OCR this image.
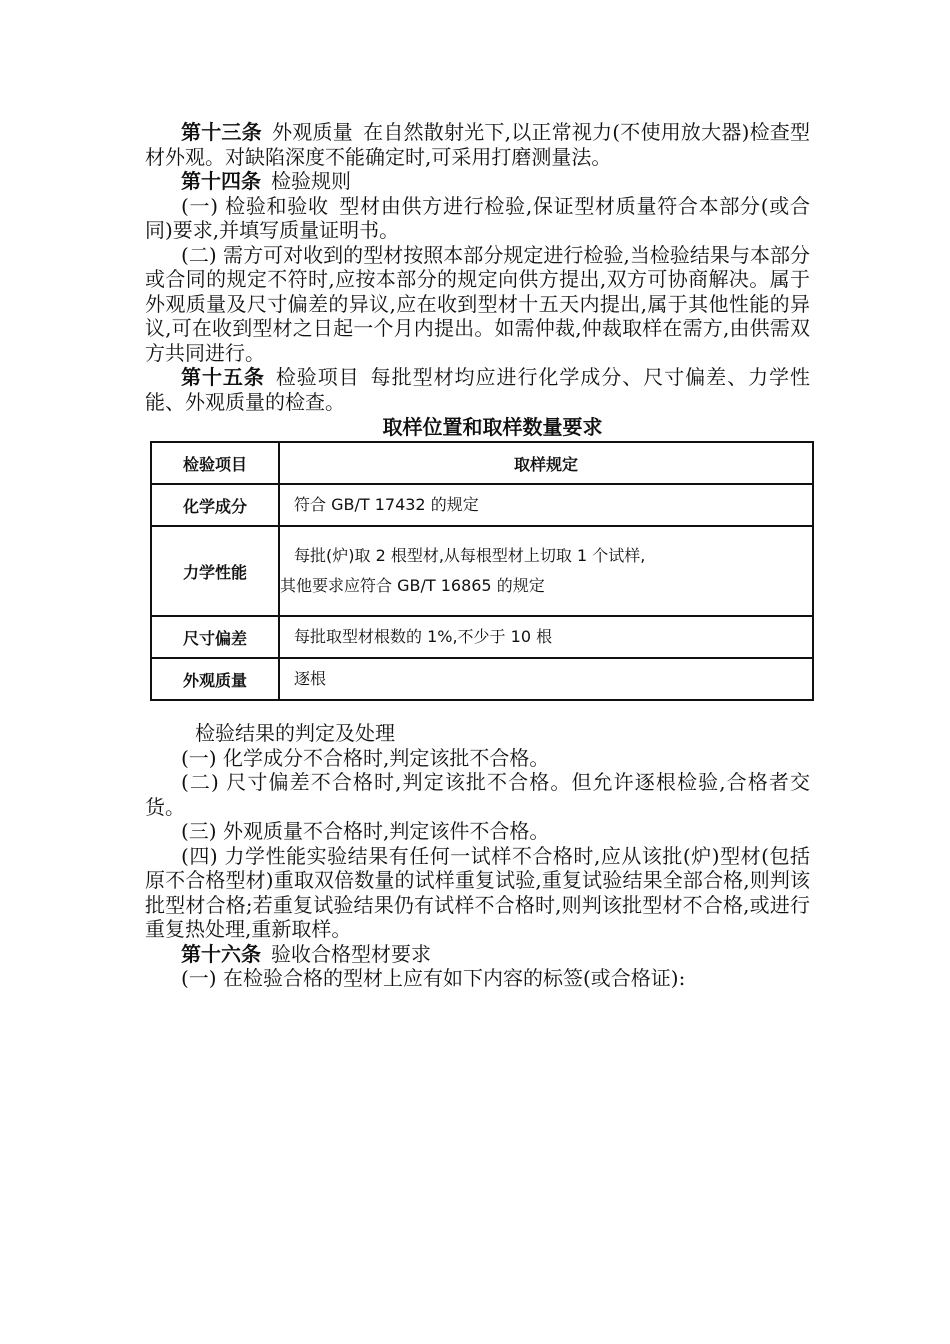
第十三条 外观质量 在自然散射光下,以正常视力(不使用放大器)检查型材外观。对缺陷深度不能确定时,可采用打磨测量法。

第十四条 检验规则

(一) 检验和验收 型材由供方进行检验,保证型材质量符合本部分(或合同)要求,并填写质量证明书。

(二) 需方可对收到的型材按照本部分规定进行检验,当检验结果与本部分或合同的规定不符时,应按本部分的规定向供方提出,双方可协商解决。属于外观质量及尺寸偏差的异议,应在收到型材十五天内提出,属于其他性能的异议,可在收到型材之日起一个月内提出。如需仲裁,仲裁取样在需方,由供需双方共同进行。

第十五条 检验项目 每批型材均应进行化学成分、尺寸偏差、力学性能、外观质量的检查。

取样位置和取样数量要求
检验项目	取样规定
化学成分	符合 GB/T 17432 的规定

力学性能	每批(炉)取 2 根型材,从每根型材上切取 1 个试样,
其他要求应符合 GB/T 16865 的规定

尺寸偏差	每批取型材根数的 1%,不少于 10 根

外观质量	逐根

检验结果的判定及处理

(一) 化学成分不合格时,判定该批不合格。

(二) 尺寸偏差不合格时,判定该批不合格。但允许逐根检验,合格者交货。

(三) 外观质量不合格时,判定该件不合格。

(四) 力学性能实验结果有任何一试样不合格时,应从该批(炉)型材(包括原不合格型材)重取双倍数量的试样重复试验,重复试验结果全部合格,则判该批型材合格;若重复试验结果仍有试样不合格时,则判该批型材不合格,或进行重复热处理,重新取样。

第十六条 验收合格型材要求

(一) 在检验合格的型材上应有如下内容的标签(或合格证):
